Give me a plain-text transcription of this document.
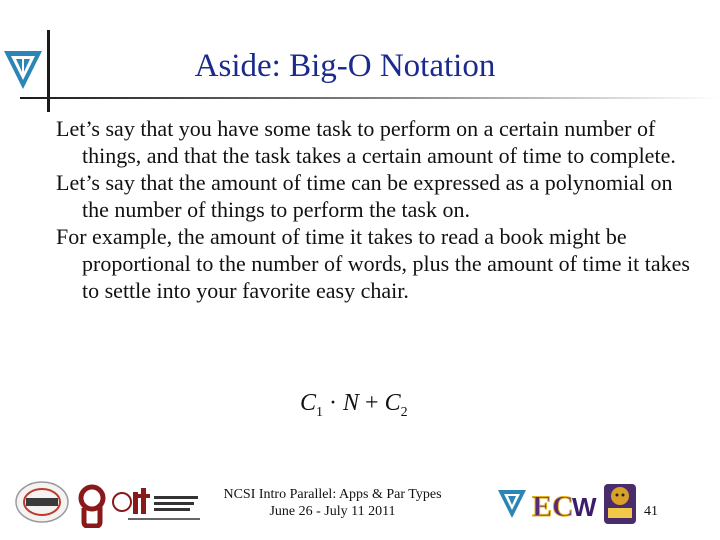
Aside: Big-O Notation

Let’s say that you have some task to perform on a certain number of things, and that the task takes a certain amount of time to complete.

Let’s say that the amount of time can be expressed as a polynomial on the number of things to perform the task on.

For example, the amount of time it takes to read a book might be proportional to the number of words, plus the amount of time it takes to settle into your favorite easy chair.

$C_1 \cdot N + C_2$
NCSI Intro Parallel: Apps & Par Types
June 26 - July 11 2011	EC
W	41
